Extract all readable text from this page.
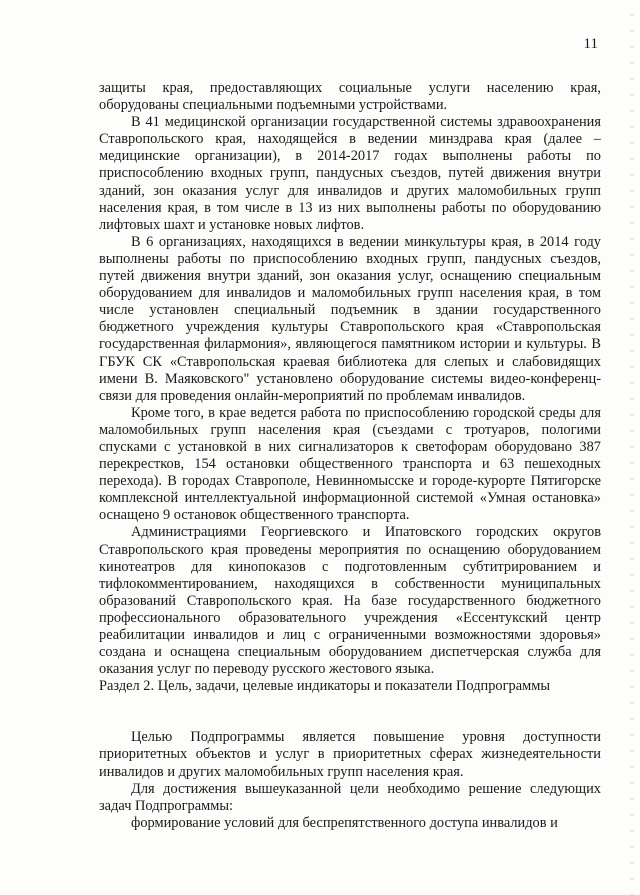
11

защиты края, предоставляющих социальные услуги населению края, оборудованы специальными подъемными устройствами.

В 41 медицинской организации государственной системы здравоохранения Ставропольского края, находящейся в ведении минздрава края (далее – медицинские организации), в 2014-2017 годах выполнены работы по приспособлению входных групп, пандусных съездов, путей движения внутри зданий, зон оказания услуг для инвалидов и других маломобильных групп населения края, в том числе в 13 из них выполнены работы по оборудованию лифтовых шахт и установке новых лифтов.

В 6 организациях, находящихся в ведении минкультуры края, в 2014 году выполнены работы по приспособлению входных групп, пандусных съездов, путей движения внутри зданий, зон оказания услуг, оснащению специальным оборудованием для инвалидов и маломобильных групп населения края, в том числе установлен специальный подъемник в здании государственного бюджетного учреждения культуры Ставропольского края «Ставропольская государственная филармония», являющегося памятником истории и культуры. В ГБУК СК «Ставропольская краевая библиотека для слепых и слабовидящих имени В. Маяковского" установлено оборудование системы видео-конференц-связи для проведения онлайн-мероприятий по проблемам инвалидов.

Кроме того, в крае ведется работа по приспособлению городской среды для маломобильных групп населения края (съездами с тротуаров, пологими спусками с установкой в них сигнализаторов к светофорам оборудовано 387 перекрестков, 154 остановки общественного транспорта и 63 пешеходных перехода). В городах Ставрополе, Невинномысске и городе-курорте Пятигорске комплексной интеллектуальной информационной системой «Умная остановка» оснащено 9 остановок общественного транспорта.

Администрациями Георгиевского и Ипатовского городских округов Ставропольского края проведены мероприятия по оснащению оборудованием кинотеатров для кинопоказов с подготовленным субтитрированием и тифлокомментированием, находящихся в собственности муниципальных образований Ставропольского края. На базе государственного бюджетного профессионального образовательного учреждения «Ессентукский центр реабилитации инвалидов и лиц с ограниченными возможностями здоровья» создана и оснащена специальным оборудованием диспетчерская служба для оказания услуг по переводу русского жестового языка.

Раздел 2. Цель, задачи, целевые индикаторы и показатели Подпрограммы

Целью Подпрограммы является повышение уровня доступности приоритетных объектов и услуг в приоритетных сферах жизнедеятельности инвалидов и других маломобильных групп населения края.

Для достижения вышеуказанной цели необходимо решение следующих задач Подпрограммы:

формирование условий для беспрепятственного доступа инвалидов и
